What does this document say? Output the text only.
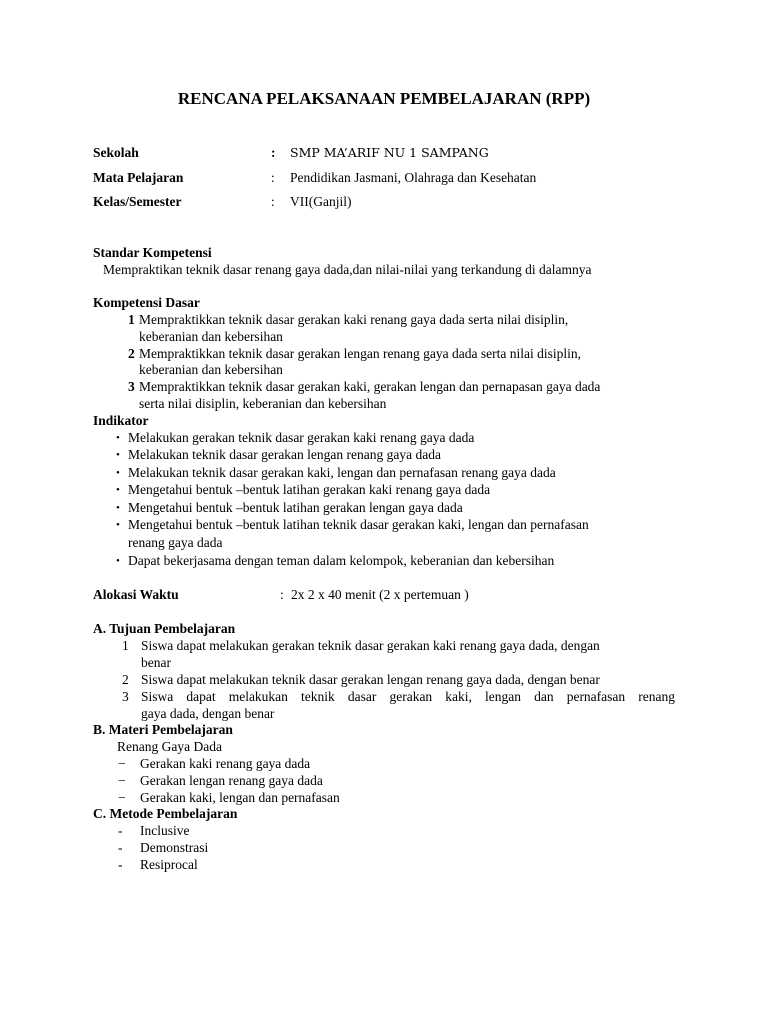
RENCANA PELAKSANAAN PEMBELAJARAN (RPP)
Sekolah	: SMP MA’ARIF NU 1 SAMPANG
Mata Pelajaran	: Pendidikan Jasmani, Olahraga dan Kesehatan
Kelas/Semester	: VII(Ganjil)
Standar Kompetensi
Mempraktikan teknik dasar renang gaya dada,dan nilai-nilai yang terkandung di dalamnya
Kompetensi Dasar
1 Mempraktikkan teknik dasar gerakan kaki renang gaya dada serta nilai disiplin,
keberanian dan kebersihan
2 Mempraktikkan teknik dasar gerakan lengan renang gaya dada serta nilai disiplin,
keberanian dan kebersihan
3 Mempraktikkan teknik dasar gerakan kaki, gerakan lengan dan pernapasan gaya dada
serta nilai disiplin, keberanian dan kebersihan
Indikator
• Melakukan gerakan teknik dasar gerakan kaki renang gaya dada
• Melakukan teknik dasar gerakan lengan renang gaya dada
• Melakukan teknik dasar gerakan kaki, lengan dan pernafasan renang gaya dada
• Mengetahui bentuk –bentuk latihan gerakan kaki renang gaya dada
• Mengetahui bentuk –bentuk latihan gerakan lengan gaya dada
• Mengetahui bentuk –bentuk latihan teknik dasar gerakan kaki, lengan dan pernafasan
renang gaya dada
• Dapat bekerjasama dengan teman dalam kelompok, keberanian dan kebersihan
Alokasi Waktu	: 2x 2 x 40 menit (2 x pertemuan )
A. Tujuan Pembelajaran
1 Siswa dapat melakukan gerakan teknik dasar gerakan kaki renang gaya dada, dengan
benar
2 Siswa dapat melakukan teknik dasar gerakan lengan renang gaya dada, dengan benar
3 Siswa dapat melakukan teknik dasar gerakan kaki, lengan dan pernafasan renang
gaya dada, dengan benar
B. Materi Pembelajaran
Renang Gaya Dada
− Gerakan kaki renang gaya dada
− Gerakan lengan renang gaya dada
− Gerakan kaki, lengan dan pernafasan
C. Metode Pembelajaran
- Inclusive
- Demonstrasi
- Resiprocal
